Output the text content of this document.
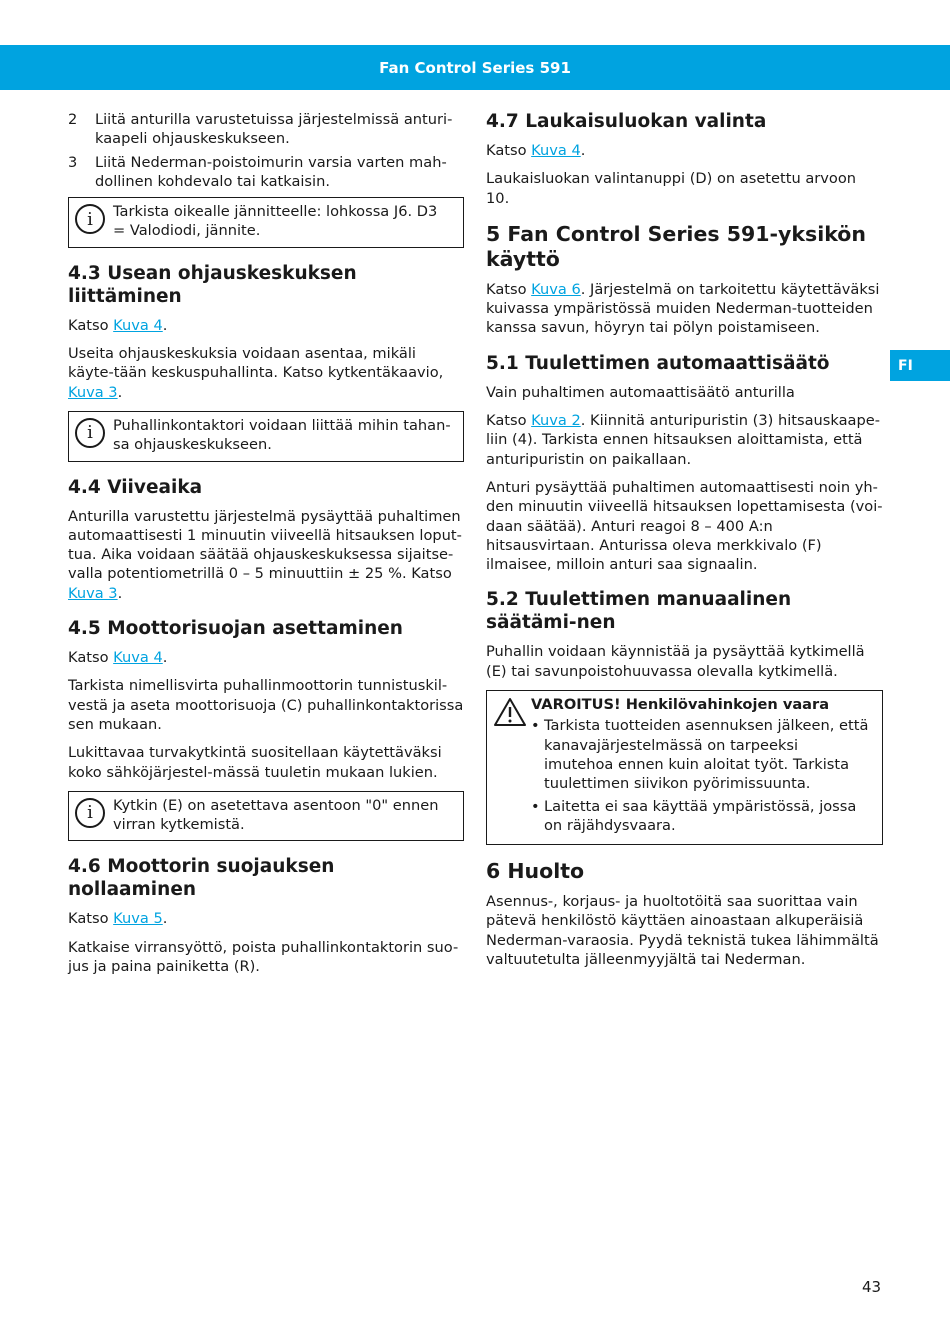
Fan Control Series 591
FI
2	Liitä anturilla varustetuissa järjestelmissä anturi-kaapeli ohjauskeskukseen.
3	Liitä Nederman-poistoimurin varsia varten mah-dollinen kohdevalo tai katkaisin.
i	Tarkista oikealle jännitteelle: lohkossa J6. D3 = Valodiodi, jännite.
4.3 Usean ohjauskeskuksen liittäminen

Katso Kuva 4.

Useita ohjauskeskuksia voidaan asentaa, mikäli käyte-tään keskuspuhallinta. Katso kytkentäkaavio, Kuva 3.

i	Puhallinkontaktori voidaan liittää mihin tahan-sa ohjauskeskukseen.
4.4 Viiveaika

Anturilla varustettu järjestelmä pysäyttää puhaltimen automaattisesti 1 minuutin viiveellä hitsauksen loput-tua. Aika voidaan säätää ohjauskeskuksessa sijaitse-valla potentiometrillä 0 – 5 minuuttiin ± 25 %. Katso Kuva 3.

4.5 Moottorisuojan asettaminen

Katso Kuva 4.

Tarkista nimellisvirta puhallinmoottorin tunnistuskil-vestä ja aseta moottorisuoja (C) puhallinkontaktorissa sen mukaan.

Lukittavaa turvakytkintä suositellaan käytettäväksi koko sähköjärjestel-mässä tuuletin mukaan lukien.

i	Kytkin (E) on asetettava asentoon "0" ennen virran kytkemistä.
4.6 Moottorin suojauksen nollaaminen

Katso Kuva 5.

Katkaise virransyöttö, poista puhallinkontaktorin suo-jus ja paina painiketta (R).

4.7 Laukaisuluokan valinta

Katso Kuva 4.

Laukaisluokan valintanuppi (D) on asetettu arvoon 10.

5 Fan Control Series 591-yksikön käyttö

Katso Kuva 6. Järjestelmä on tarkoitettu käytettäväksi kuivassa ympäristössä muiden Nederman-tuotteiden kanssa savun, höyryn tai pölyn poistamiseen.

5.1 Tuulettimen automaattisäätö

Vain puhaltimen automaattisäätö anturilla

Katso Kuva 2. Kiinnitä anturipuristin (3) hitsauskaape-liin (4). Tarkista ennen hitsauksen aloittamista, että anturipuristin on paikallaan.

Anturi pysäyttää puhaltimen automaattisesti noin yh-den minuutin viiveellä hitsauksen lopettamisesta (voi-daan säätää). Anturi reagoi 8 – 400 A:n hitsausvirtaan. Anturissa oleva merkkivalo (F) ilmaisee, milloin anturi saa signaalin.

5.2 Tuulettimen manuaalinen säätämi-nen

Puhallin voidaan käynnistää ja pysäyttää kytkimellä (E) tai savunpoistohuuvassa olevalla kytkimellä.

VAROITUS! Henkilövahinkojen vaara
• Tarkista tuotteiden asennuksen jälkeen, että kanavajärjestelmässä on tarpeeksi imutehoa ennen kuin aloitat työt. Tarkista tuulettimen siivikon pyörimissuunta.
• Laitetta ei saa käyttää ympäristössä, jossa on räjähdysvaara.
6 Huolto

Asennus-, korjaus- ja huoltotöitä saa suorittaa vain pätevä henkilöstö käyttäen ainoastaan alkuperäisiä Nederman-varaosia. Pyydä teknistä tukea lähimmältä valtuutetulta jälleenmyyjältä tai Nederman.

43
